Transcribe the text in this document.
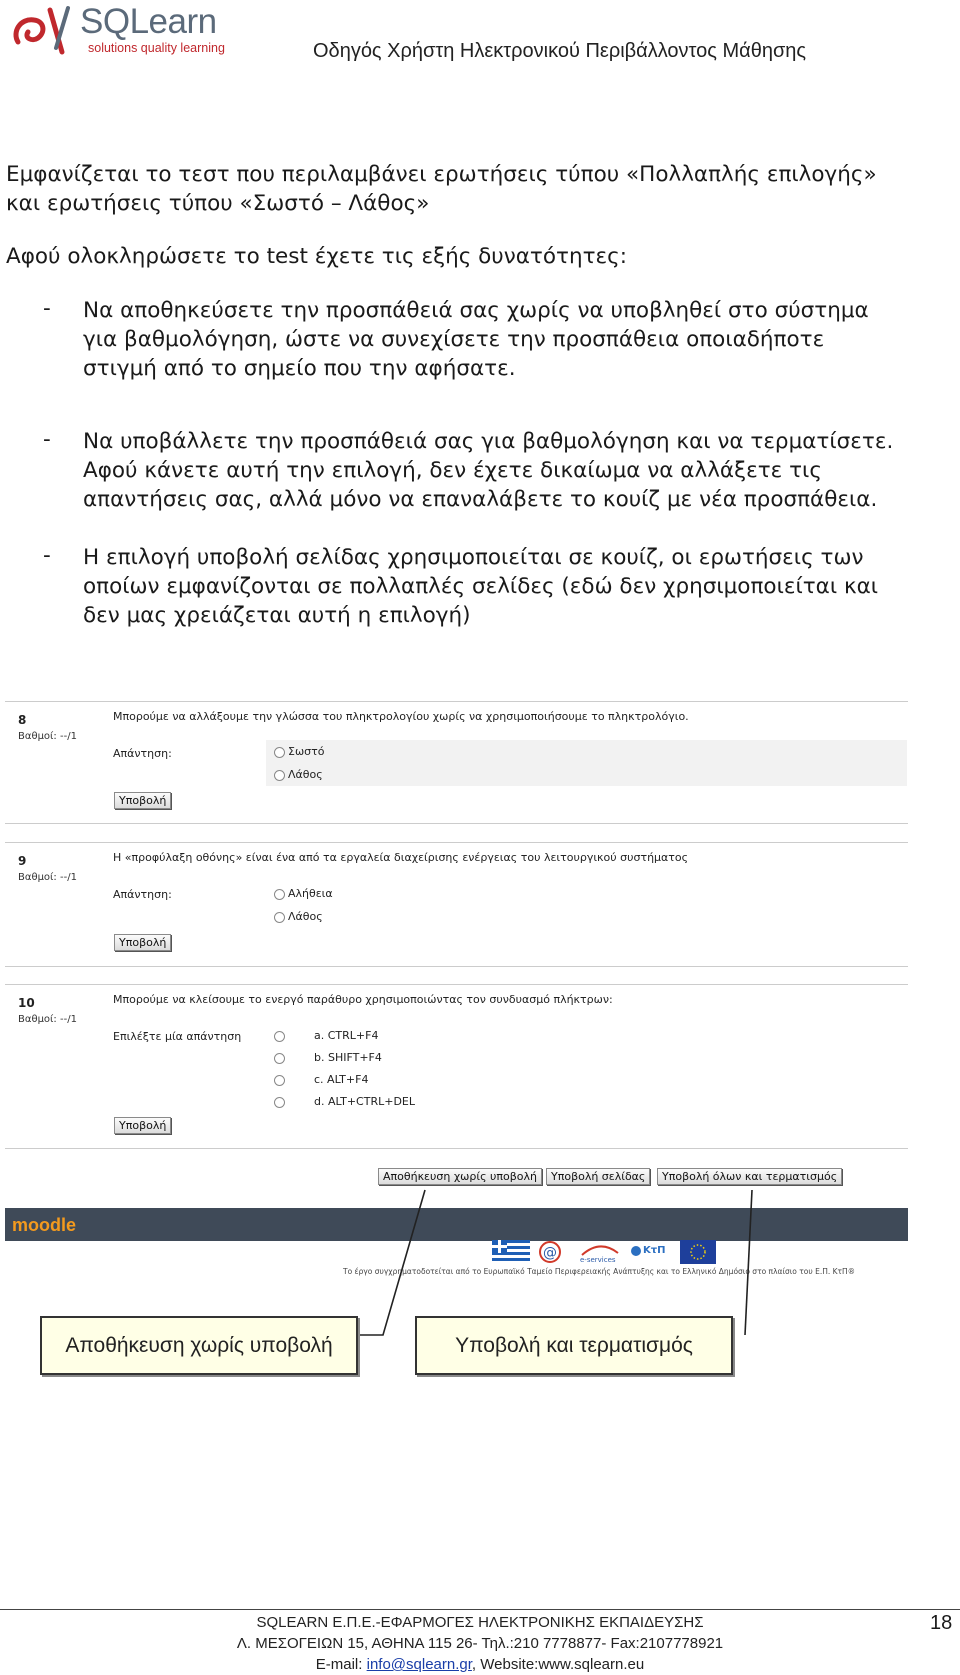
SQLearn
solutions quality learning	Οδηγός Χρήστη Ηλεκτρονικού Περιβάλλοντος Μάθησης
Εμφανίζεται το τεστ που περιλαμβάνει ερωτήσεις τύπου «Πολλαπλής επιλογής»
και ερωτήσεις τύπου «Σωστό – Λάθος»
Αφού ολοκληρώσετε το test έχετε τις εξής δυνατότητες:
- Να αποθηκεύσετε την προσπάθειά σας χωρίς να υποβληθεί στο σύστημα
για βαθμολόγηση, ώστε να συνεχίσετε την προσπάθεια οποιαδήποτε
στιγμή από το σημείο που την αφήσατε.
- Να υποβάλλετε την προσπάθειά σας για βαθμολόγηση και να τερματίσετε.
Αφού κάνετε αυτή την επιλογή, δεν έχετε δικαίωμα να αλλάξετε τις
απαντήσεις σας, αλλά μόνο να επαναλάβετε το κουίζ με νέα προσπάθεια.
- Η επιλογή υποβολή σελίδας χρησιμοποιείται σε κουίζ, οι ερωτήσεις των
οποίων εμφανίζονται σε πολλαπλές σελίδες (εδώ δεν χρησιμοποιείται και
δεν μας χρειάζεται αυτή η επιλογή)
8
Βαθμοί: --/1
Μπορούμε να αλλάξουμε την γλώσσα του πληκτρολογίου χωρίς να χρησιμοποιήσουμε το πληκτρολόγιο.
Απάντηση:	Σωστό
Λάθος
Υποβολή
9
Βαθμοί: --/1
Η «προφύλαξη οθόνης» είναι ένα από τα εργαλεία διαχείρισης ενέργειας του λειτουργικού συστήματος
Απάντηση:	Αλήθεια
Λάθος
Υποβολή
10
Βαθμοί: --/1
Μπορούμε να κλείσουμε το ενεργό παράθυρο χρησιμοποιώντας τον συνδυασμό πλήκτρων:
Επιλέξτε μία απάντηση	a. CTRL+F4
b. SHIFT+F4
c. ALT+F4
d. ALT+CTRL+DEL
Υποβολή
Αποθήκευση χωρίς υποβολή	Υποβολή σελίδας	Υποβολή όλων και τερματισμός
moodle
@	e-services
ΚτΠ
Το έργο συγχρηματοδοτείται από το Ευρωπαϊκό Ταμείο Περιφερειακής Ανάπτυξης και το Ελληνικό Δημόσιο στο πλαίσιο του Ε.Π. ΚτΠ®
Αποθήκευση χωρίς υποβολή	Υποβολή και τερματισμός
SQLEARN Ε.Π.Ε.-ΕΦΑΡΜΟΓΕΣ ΗΛΕΚΤΡΟΝΙΚΗΣ ΕΚΠΑΙΔΕΥΣΗΣ
Λ. ΜΕΣΟΓΕΙΩΝ 15, ΑΘΗΝΑ 115 26- Τηλ.:210 7778877- Fax:2107778921
E-mail: info@sqlearn.gr, Website:www.sqlearn.eu
18
